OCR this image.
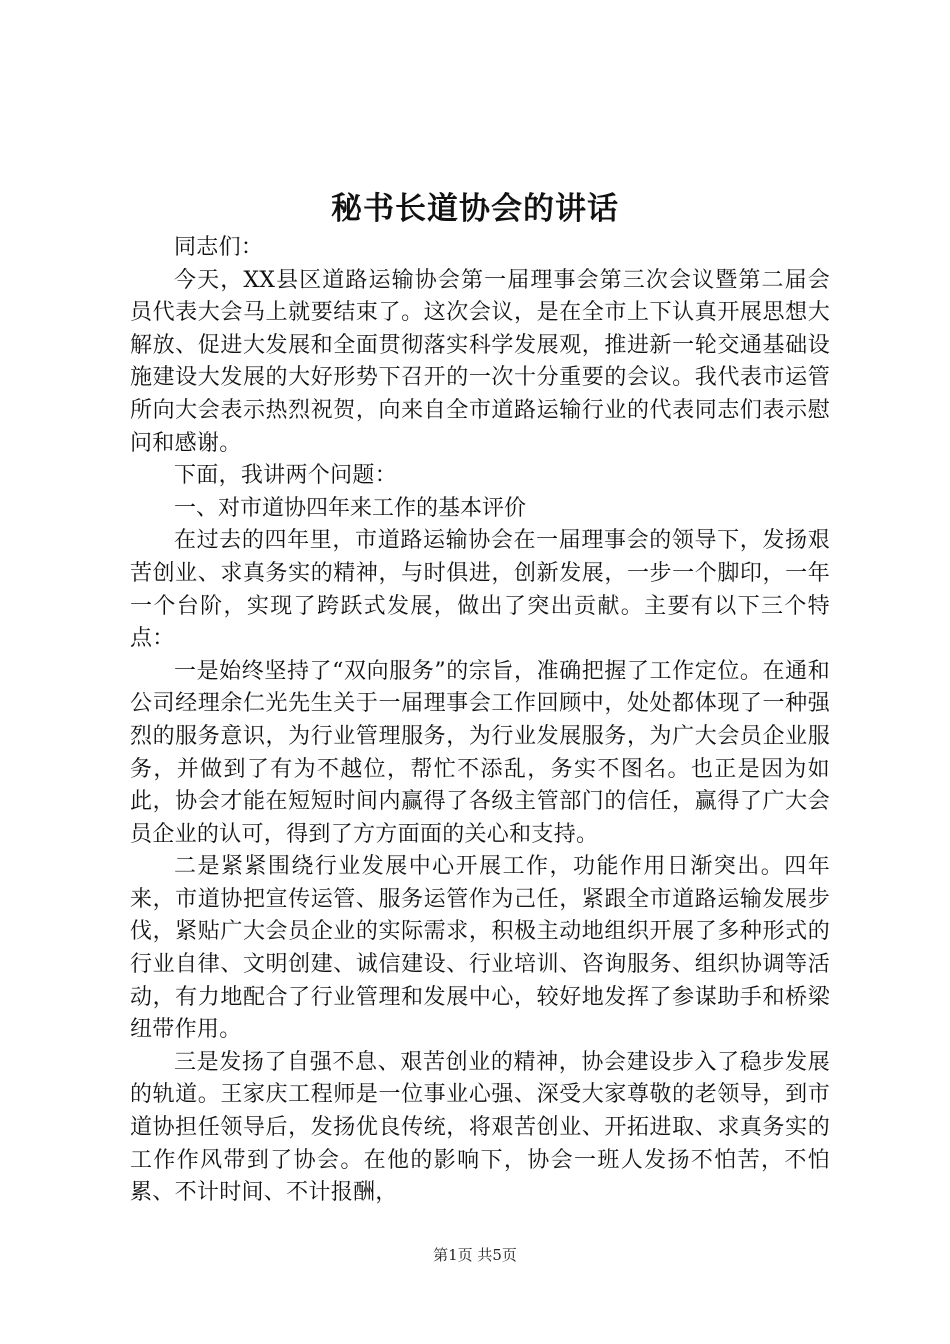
秘书长道协会的讲话

同志们：

今天，XX县区道路运输协会第一届理事会第三次会议暨第二届会员代表大会马上就要结束了。这次会议，是在全市上下认真开展思想大解放、促进大发展和全面贯彻落实科学发展观，推进新一轮交通基础设施建设大发展的大好形势下召开的一次十分重要的会议。我代表市运管所向大会表示热烈祝贺，向来自全市道路运输行业的代表同志们表示慰问和感谢。

下面，我讲两个问题：

一、对市道协四年来工作的基本评价

在过去的四年里，市道路运输协会在一届理事会的领导下，发扬艰苦创业、求真务实的精神，与时俱进，创新发展，一步一个脚印，一年一个台阶，实现了跨跃式发展，做出了突出贡献。主要有以下三个特点：

一是始终坚持了“双向服务”的宗旨，准确把握了工作定位。在通和公司经理余仁光先生关于一届理事会工作回顾中，处处都体现了一种强烈的服务意识，为行业管理服务，为行业发展服务，为广大会员企业服务，并做到了有为不越位，帮忙不添乱，务实不图名。也正是因为如此，协会才能在短短时间内赢得了各级主管部门的信任，赢得了广大会员企业的认可，得到了方方面面的关心和支持。

二是紧紧围绕行业发展中心开展工作，功能作用日渐突出。四年来，市道协把宣传运管、服务运管作为己任，紧跟全市道路运输发展步伐，紧贴广大会员企业的实际需求，积极主动地组织开展了多种形式的行业自律、文明创建、诚信建设、行业培训、咨询服务、组织协调等活动，有力地配合了行业管理和发展中心，较好地发挥了参谋助手和桥梁纽带作用。

三是发扬了自强不息、艰苦创业的精神，协会建设步入了稳步发展的轨道。王家庆工程师是一位事业心强、深受大家尊敬的老领导，到市道协担任领导后，发扬优良传统，将艰苦创业、开拓进取、求真务实的工作作风带到了协会。在他的影响下，协会一班人发扬不怕苦，不怕累、不计时间、不计报酬，

第1页 共5页
